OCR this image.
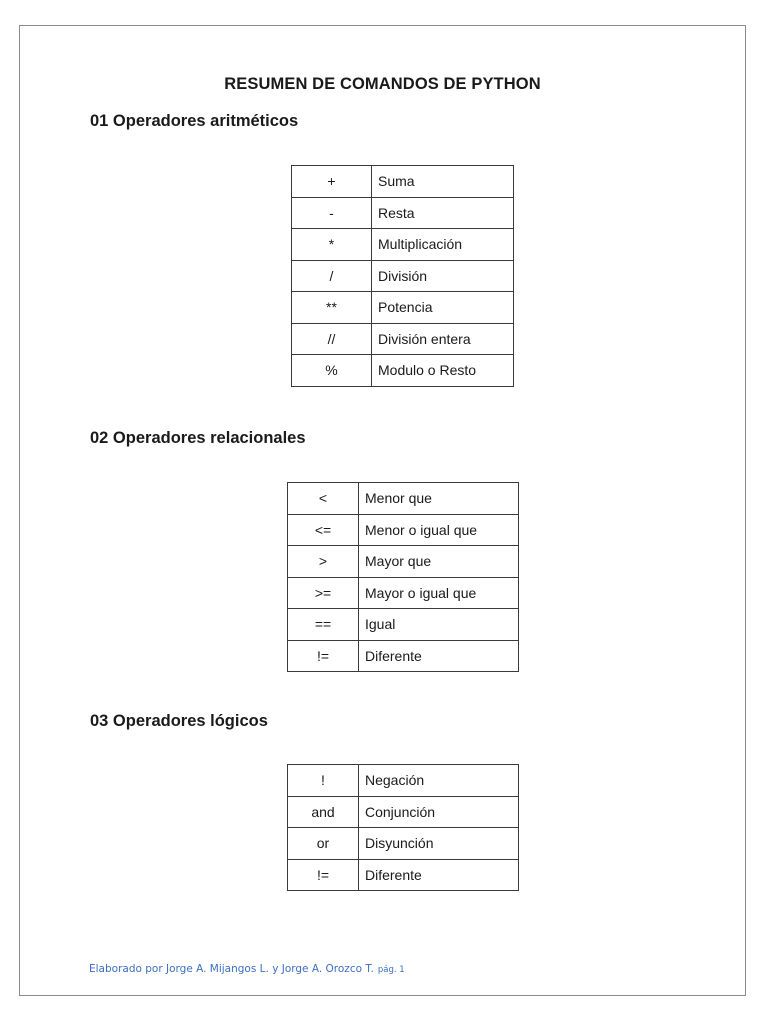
RESUMEN DE COMANDOS DE PYTHON
01 Operadores aritméticos
+	Suma
-	Resta
*	Multiplicación
/	División
**	Potencia
//	División entera
%	Modulo o Resto
02 Operadores relacionales
<	Menor que
<=	Menor o igual que
>	Mayor que
>=	Mayor o igual que
==	Igual
!=	Diferente
03 Operadores lógicos
!	Negación
and	Conjunción
or	Disyunción
!=	Diferente
Elaborado por Jorge A. Mijangos L. y Jorge A. Orozco T. pág. 1
